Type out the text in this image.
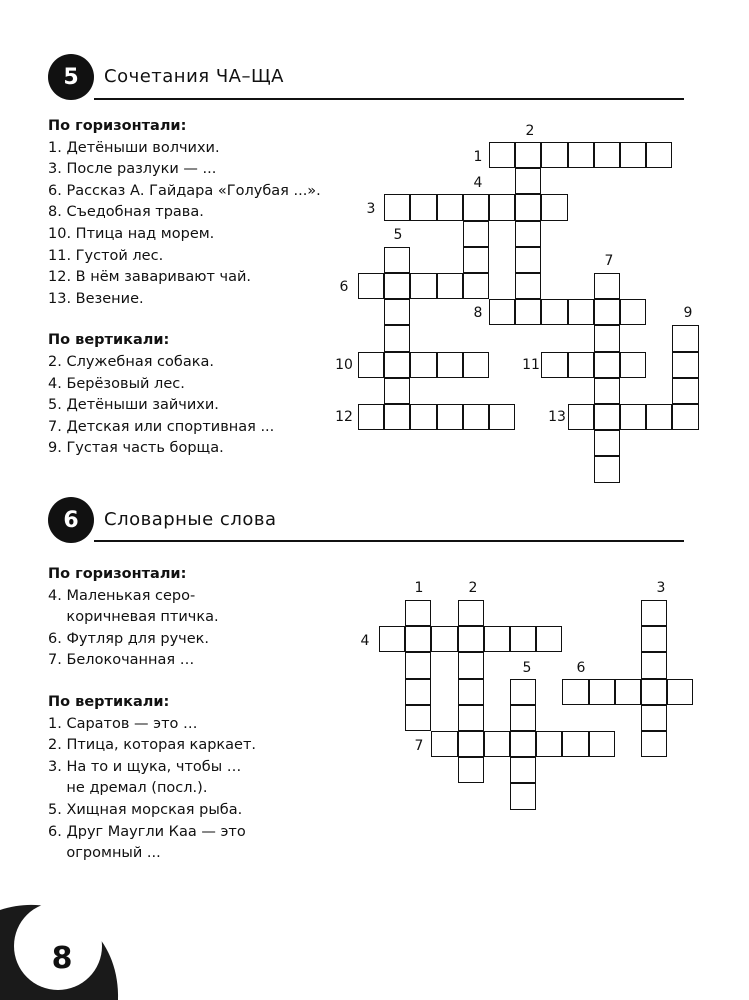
5 Сочетания ЧА–ЩА
По горизонтали:
1. Детёныши волчихи.
3. После разлуки — ...
6. Рассказ А. Гайдара «Голубая ...».
8. Съедобная трава.
10. Птица над морем.
11. Густой лес.
12. В нём заваривают чай.
13. Везение.
По вертикали:
2. Служебная собака.
4. Берёзовый лес.
5. Детёныши зайчихи.
7. Детская или спортивная ...
9. Густая часть борща.
6 Словарные слова
По горизонтали:
4. Маленькая серо-
коричневая птичка.
6. Футляр для ручек.
7. Белокочанная …
По вертикали:
1. Саратов — это …
2. Птица, которая каркает.
3. На то и щука, чтобы …
не дремал (посл.).
5. Хищная морская рыба.
6. Друг Маугли Каа — это
огромный ...
1
2
3
4
5
6
7
8	9
10	11
12	13
1	2	3
4
5	6
7
8
